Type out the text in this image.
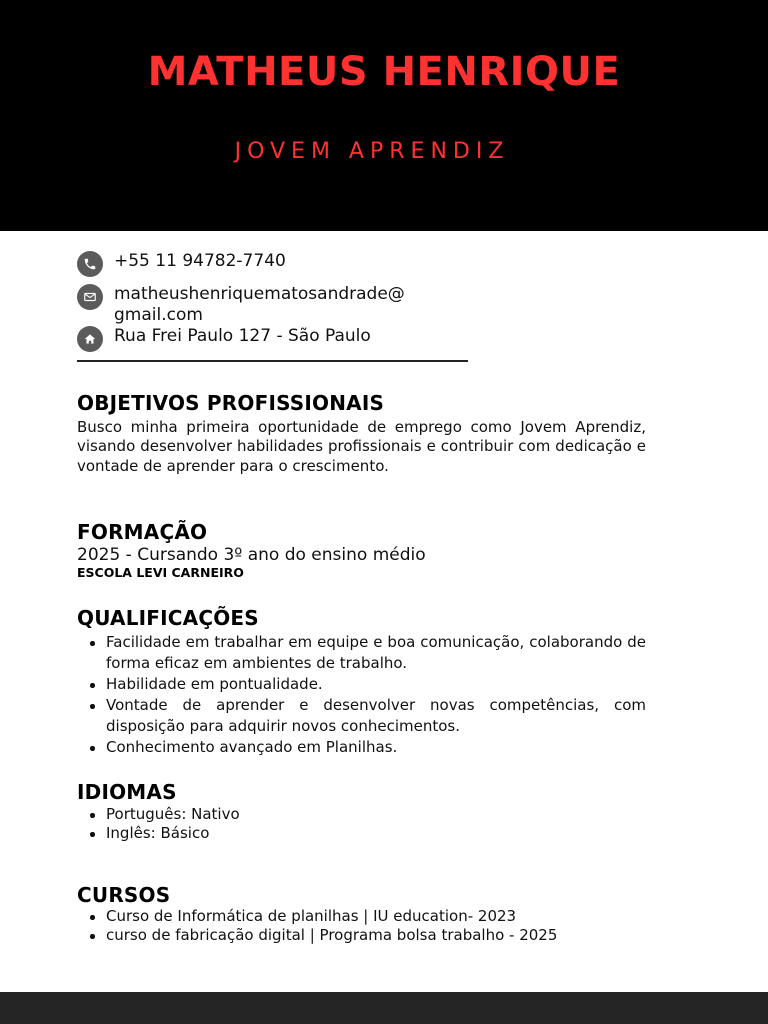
MATHEUS HENRIQUE
JOVEM APRENDIZ
+55 11 94782-7740
matheushenriquematosandrade@
gmail.com
Rua Frei Paulo 127 - São Paulo
OBJETIVOS PROFISSIONAIS
Busco minha primeira oportunidade de emprego como Jovem Aprendiz, visando desenvolver habilidades profissionais e contribuir com dedicação e vontade de aprender para o crescimento.
FORMAÇÃO
2025 - Cursando 3º ano do ensino médio
ESCOLA LEVI CARNEIRO
QUALIFICAÇÕES
Facilidade em trabalhar em equipe e boa comunicação, colaborando de forma eficaz em ambientes de trabalho.
Habilidade em pontualidade.
Vontade de aprender e desenvolver novas competências, com disposição para adquirir novos conhecimentos.
Conhecimento avançado em Planilhas.
IDIOMAS
Português: Nativo
Inglês: Básico
CURSOS
Curso de Informática de planilhas | IU education- 2023
curso de fabricação digital | Programa bolsa trabalho - 2025
